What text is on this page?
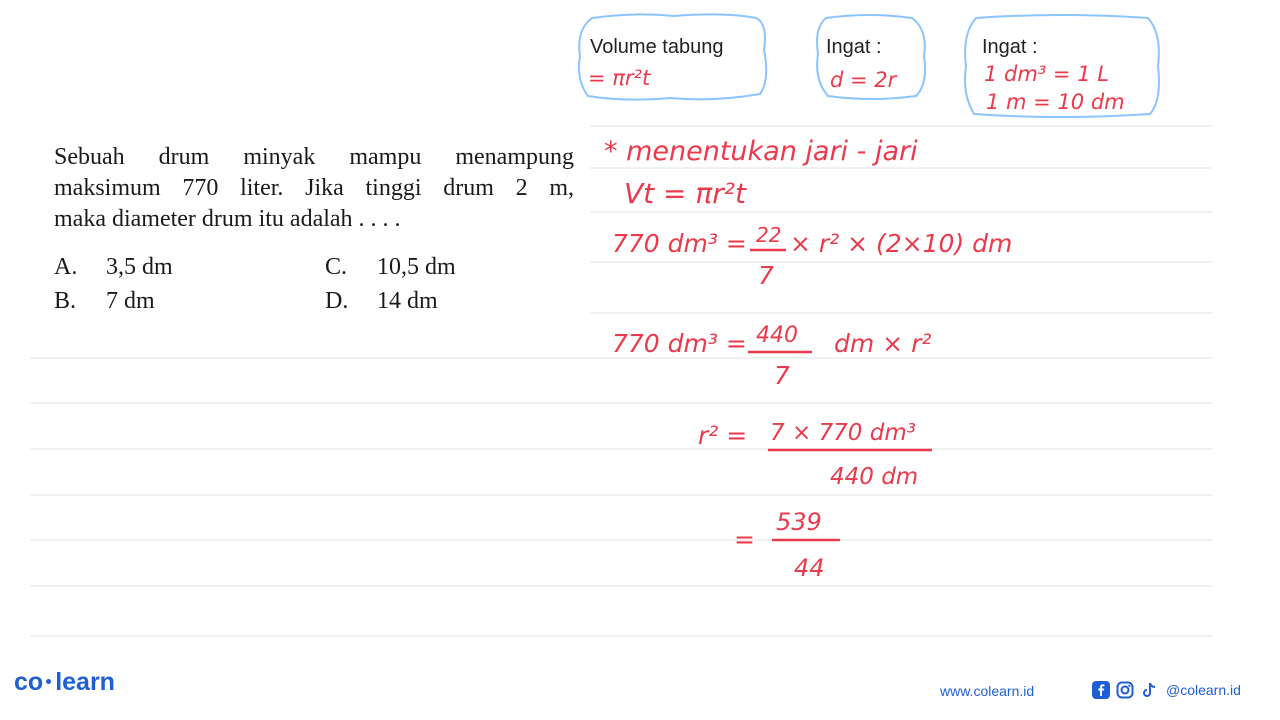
Sebuah drum minyak mampu menampung
maksimum 770 liter. Jika tinggi drum 2 m,
maka diameter drum itu adalah . . . .
A. 3,5 dm
B. 7 dm
C. 10,5 dm
D. 14 dm
Volume tabung
= πr²t
Ingat :
d = 2r
Ingat :
1 dm³ = 1 L
1 m = 10 dm
* menentukan jari - jari
Vt = πr²t
770 dm³ = 22
7
× r² × (2×10) dm
770 dm³ = 440
7
dm × r²
r² = 7 × 770 dm³
440 dm
=
539
44
co learn	www.colearn.id	@colearn.id
